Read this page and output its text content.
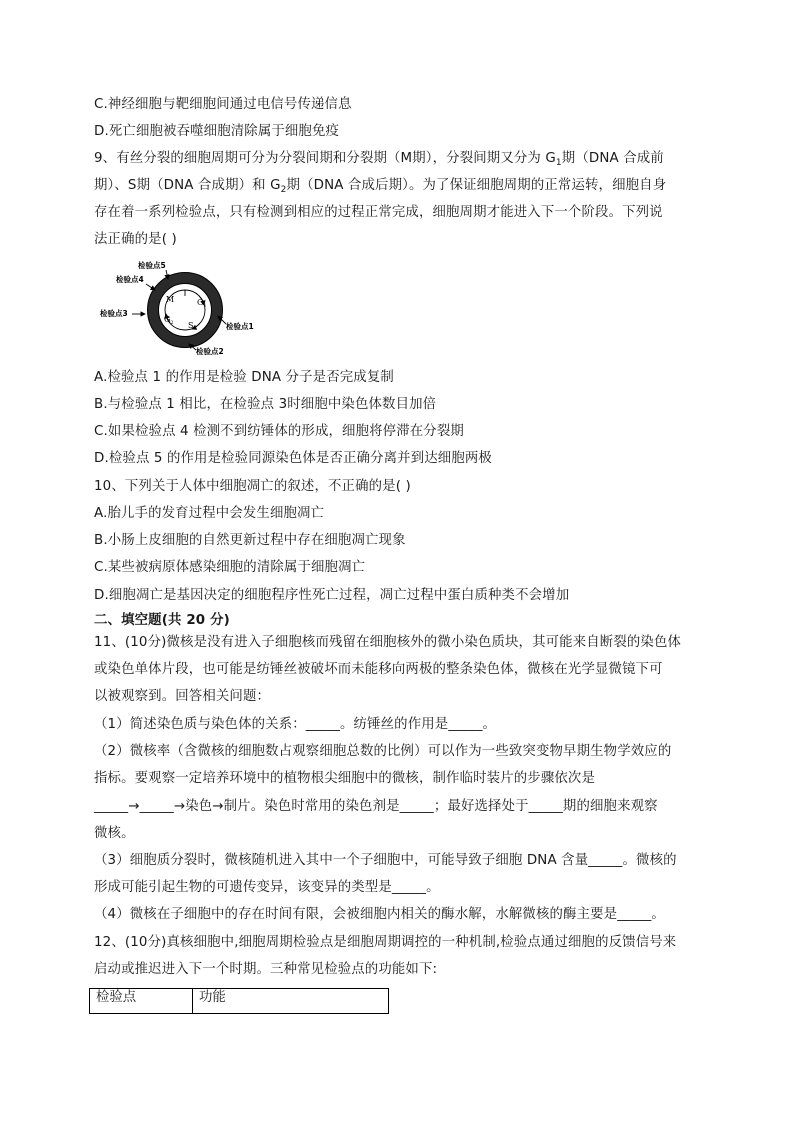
C.神经细胞与靶细胞间通过电信号传递信息
D.死亡细胞被吞噬细胞清除属于细胞免疫
9、有丝分裂的细胞周期可分为分裂间期和分裂期（M期），分裂间期又分为 $G_1$期（DNA 合成前
期）、S期（DNA 合成期）和 $G_2$期（DNA 合成后期）。为了保证细胞周期的正常运转，细胞自身
存在着一系列检验点，只有检测到相应的过程正常完成，细胞周期才能进入下一个阶段。下列说
法正确的是( )
M	$G_1$
$G_2$ S
检验点5
检验点4
检验点3
检验点1
检验点2
A.检验点 1 的作用是检验 DNA 分子是否完成复制
B.与检验点 1 相比，在检验点 3时细胞中染色体数目加倍
C.如果检验点 4 检测不到纺锤体的形成，细胞将停滞在分裂期
D.检验点 5 的作用是检验同源染色体是否正确分离并到达细胞两极
10、下列关于人体中细胞凋亡的叙述，不正确的是( )
A.胎儿手的发育过程中会发生细胞凋亡
B.小肠上皮细胞的自然更新过程中存在细胞凋亡现象
C.某些被病原体感染细胞的清除属于细胞凋亡
D.细胞凋亡是基因决定的细胞程序性死亡过程，凋亡过程中蛋白质种类不会增加
二、填空题(共 20 分)
11、(10分)微核是没有进入子细胞核而残留在细胞核外的微小染色质块，其可能来自断裂的染色体
或染色单体片段，也可能是纺锤丝被破坏而未能移向两极的整条染色体，微核在光学显微镜下可
以被观察到。回答相关问题：
（1）简述染色质与染色体的关系：_____。纺锤丝的作用是_____。
（2）微核率（含微核的细胞数占观察细胞总数的比例）可以作为一些致突变物早期生物学效应的
指标。要观察一定培养环境中的植物根尖细胞中的微核，制作临时装片的步骤依次是
_____→_____→染色→制片。染色时常用的染色剂是_____；最好选择处于_____期的细胞来观察
微核。
（3）细胞质分裂时，微核随机进入其中一个子细胞中，可能导致子细胞 DNA 含量_____。微核的
形成可能引起生物的可遗传变异，该变异的类型是_____。
（4）微核在子细胞中的存在时间有限，会被细胞内相关的酶水解，水解微核的酶主要是_____。
12、(10分)真核细胞中,细胞周期检验点是细胞周期调控的一种机制,检验点通过细胞的反馈信号来
启动或推迟进入下一个时期。三种常见检验点的功能如下:
检验点	功能
